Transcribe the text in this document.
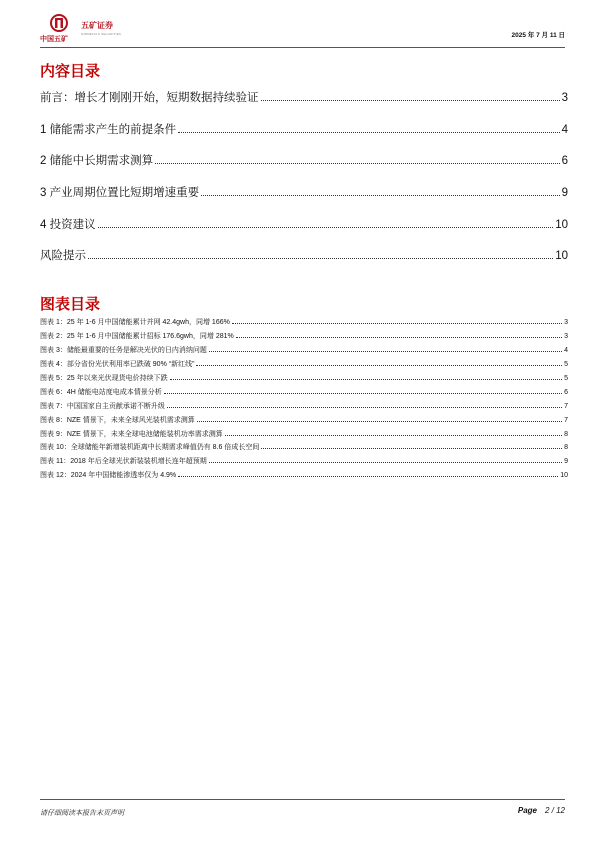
中国五矿
五矿证券
MINMETALS SECURITIES	2025 年 7 月 11 日
内容目录
前言：增长才刚刚开始，短期数据持续验证	3
1 储能需求产生的前提条件	4
2 储能中长期需求测算	6
3 产业周期位置比短期增速重要	9
4 投资建议	10
风险提示	10
图表目录
图表 1：25 年 1-6 月中国储能累计并网 42.4gwh，同增 166%	3
图表 2：25 年 1-6 月中国储能累计招标 176.6gwh，同增 281%	3
图表 3：储能最重要的任务是解决光伏的日内消纳问题	4
图表 4：部分省份光伏利用率已跌破 90% “新红线”	5
图表 5：25 年以来光伏现货电价持续下跌	5
图表 6：4H 储能电站度电成本情景分析	6
图表 7：中国国家自主贡献承诺不断升级	7
图表 8：NZE 情景下，未来全球风光装机需求测算	7
图表 9：NZE 情景下，未来全球电池储能装机功率需求测算	8
图表 10：全球储能年新增装机距离中长期需求峰值仍有 8.6 倍成长空间	8
图表 11：2018 年后全球光伏新装装机增长连年超预期	9
图表 12：2024 年中国储能渗透率仅为 4.9%	10
请仔细阅读本报告末页声明	Page 2 / 12
